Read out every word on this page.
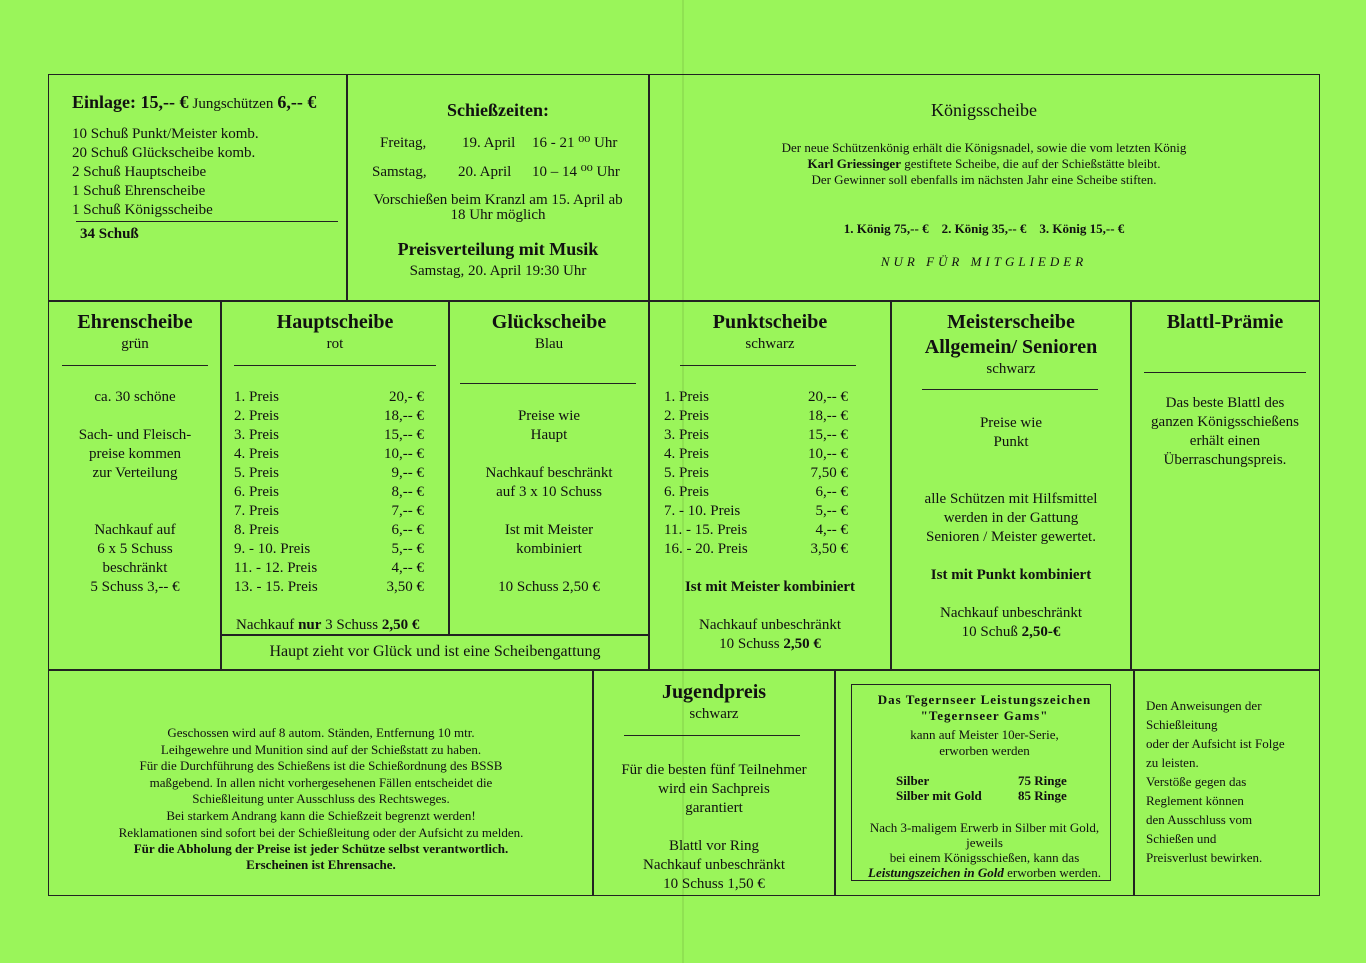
Einlage: 15,-- € Jungschützen 6,-- €
10 Schuß Punkt/Meister komb.
20 Schuß Glückscheibe komb.
2 Schuß Hauptscheibe
1 Schuß Ehrenscheibe
1 Schuß Königsscheibe
34 Schuß
Schießzeiten:
Freitag, 19. April 16 - 21 ⁰⁰ Uhr
Samstag, 20. April 10 – 14 ⁰⁰ Uhr
Vorschießen beim Kranzl am 15. April ab
18 Uhr möglich
Preisverteilung mit Musik
Samstag, 20. April 19:30 Uhr
Königsscheibe
Der neue Schützenkönig erhält die Königsnadel, sowie die vom letzten König
Karl Griessinger gestiftete Scheibe, die auf der Schießstätte bleibt.
Der Gewinner soll ebenfalls im nächsten Jahr eine Scheibe stiften.
1. König 75,-- €    2. König 35,-- €    3. König 15,-- €
NUR FÜR MITGLIEDER
Ehrenscheibe
grün
ca. 30 schöne

Sach- und Fleisch-
preise kommen
zur Verteilung

Nachkauf auf
6 x 5 Schuss
beschränkt
5 Schuss 3,-- €
Hauptscheibe
rot
1. Preis	20,- €
2. Preis	18,-- €
3. Preis	15,-- €
4. Preis	10,-- €
5. Preis	9,-- €
6. Preis	8,-- €
7. Preis	7,-- €
8. Preis	6,-- €
9. - 10. Preis	5,-- €
11. - 12. Preis	4,-- €
13. - 15. Preis	3,50 €
Nachkauf nur 3 Schuss 2,50 €
Haupt zieht vor Glück und ist eine Scheibengattung
Glückscheibe
Blau
Preise wie
Haupt

Nachkauf beschränkt
auf 3 x 10 Schuss

Ist mit Meister
kombiniert

10 Schuss 2,50 €
Punktscheibe
schwarz
1. Preis	20,-- €
2. Preis	18,-- €
3. Preis	15,-- €
4. Preis	10,-- €
5. Preis	7,50 €
6. Preis	6,-- €
7. - 10. Preis	5,-- €
11. - 15. Preis	4,-- €
16. - 20. Preis	3,50 €
Ist mit Meister kombiniert
Nachkauf unbeschränkt
10 Schuss 2,50 €
Meisterscheibe
Allgemein/ Senioren
schwarz
Preise wie
Punkt
alle Schützen mit Hilfsmittel
werden in der Gattung
Senioren / Meister gewertet.
Ist mit Punkt kombiniert
Nachkauf unbeschränkt
10 Schuß 2,50-€
Blattl-Prämie
Das beste Blattl des
ganzen Königsschießens
erhält einen
Überraschungspreis.
Geschossen wird auf 8 autom. Ständen, Entfernung 10 mtr.
Leihgewehre und Munition sind auf der Schießstatt zu haben.
Für die Durchführung des Schießens ist die Schießordnung des BSSB
maßgebend. In allen nicht vorhergesehenen Fällen entscheidet die
Schießleitung unter Ausschluss des Rechtsweges.
Bei starkem Andrang kann die Schießzeit begrenzt werden!
Reklamationen sind sofort bei der Schießleitung oder der Aufsicht zu melden.
Für die Abholung der Preise ist jeder Schütze selbst verantwortlich.
Erscheinen ist Ehrensache.
Jugendpreis
schwarz
Für die besten fünf Teilnehmer
wird ein Sachpreis
garantiert

Blattl vor Ring
Nachkauf unbeschränkt
10 Schuss 1,50 €
Das Tegernseer Leistungszeichen
"Tegernseer Gams"
kann auf Meister 10er-Serie,
erworben werden
Silber	75 Ringe
Silber mit Gold	85 Ringe
Nach 3-maligem Erwerb in Silber mit Gold,
jeweils
bei einem Königsschießen, kann das
Leistungszeichen in Gold erworben werden.
Den Anweisungen der
Schießleitung
oder der Aufsicht ist Folge
zu leisten.
Verstöße gegen das
Reglement können
den Ausschluss vom
Schießen und
Preisverlust bewirken.
